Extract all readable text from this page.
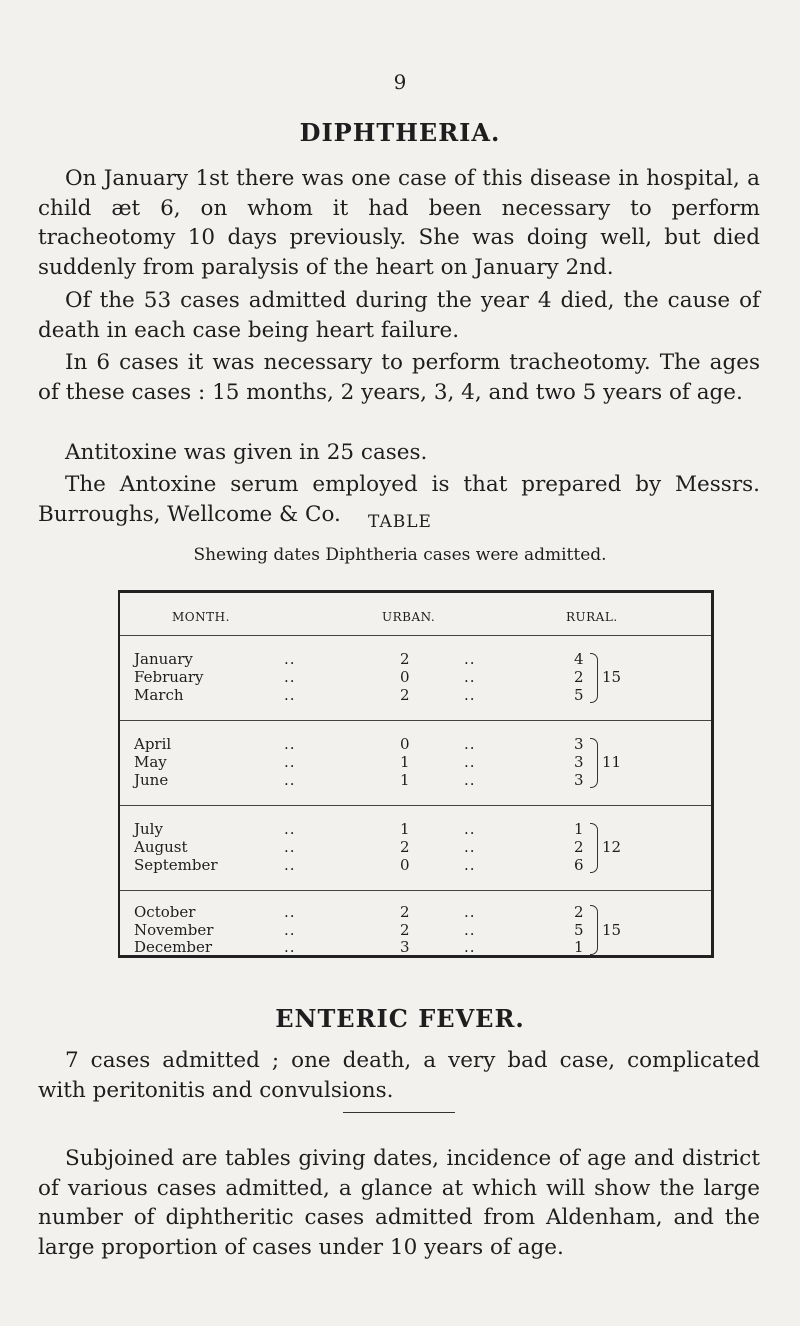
9
DIPHTHERIA.

On January 1st there was one case of this disease in hospital, a child æt 6, on whom it had been necessary to perform tracheotomy 10 days previously. She was doing well, but died suddenly from paralysis of the heart on January 2nd.

Of the 53 cases admitted during the year 4 died, the cause of death in each case being heart failure.

In 6 cases it was necessary to perform tracheotomy. The ages of these cases : 15 months, 2 years, 3, 4, and two 5 years of age.

Antitoxine was given in 25 cases.

The Antoxine serum employed is that prepared by Messrs. Burroughs, Wellcome & Co.	TABLE
Shewing dates Diphtheria cases were admitted.
MONTH.	URBAN.	RURAL.
January	..	2	..	4
February	..	0	..	2
March	..	2	..	5
15
April	..	0	..	3
May	..	1	..	3
June	..	1	..	3
11
July	..	1	..	1
August	..	2	..	2
September	..	0	..	6
12
October	..	2	..	2
November	..	2	..	5
December	..	3	..	1
15
ENTERIC FEVER.

7 cases admitted ; one death, a very bad case, complicated with peritonitis and convulsions.

Subjoined are tables giving dates, incidence of age and district of various cases admitted, a glance at which will show the large number of diphtheritic cases admitted from Aldenham, and the large proportion of cases under 10 years of age.
